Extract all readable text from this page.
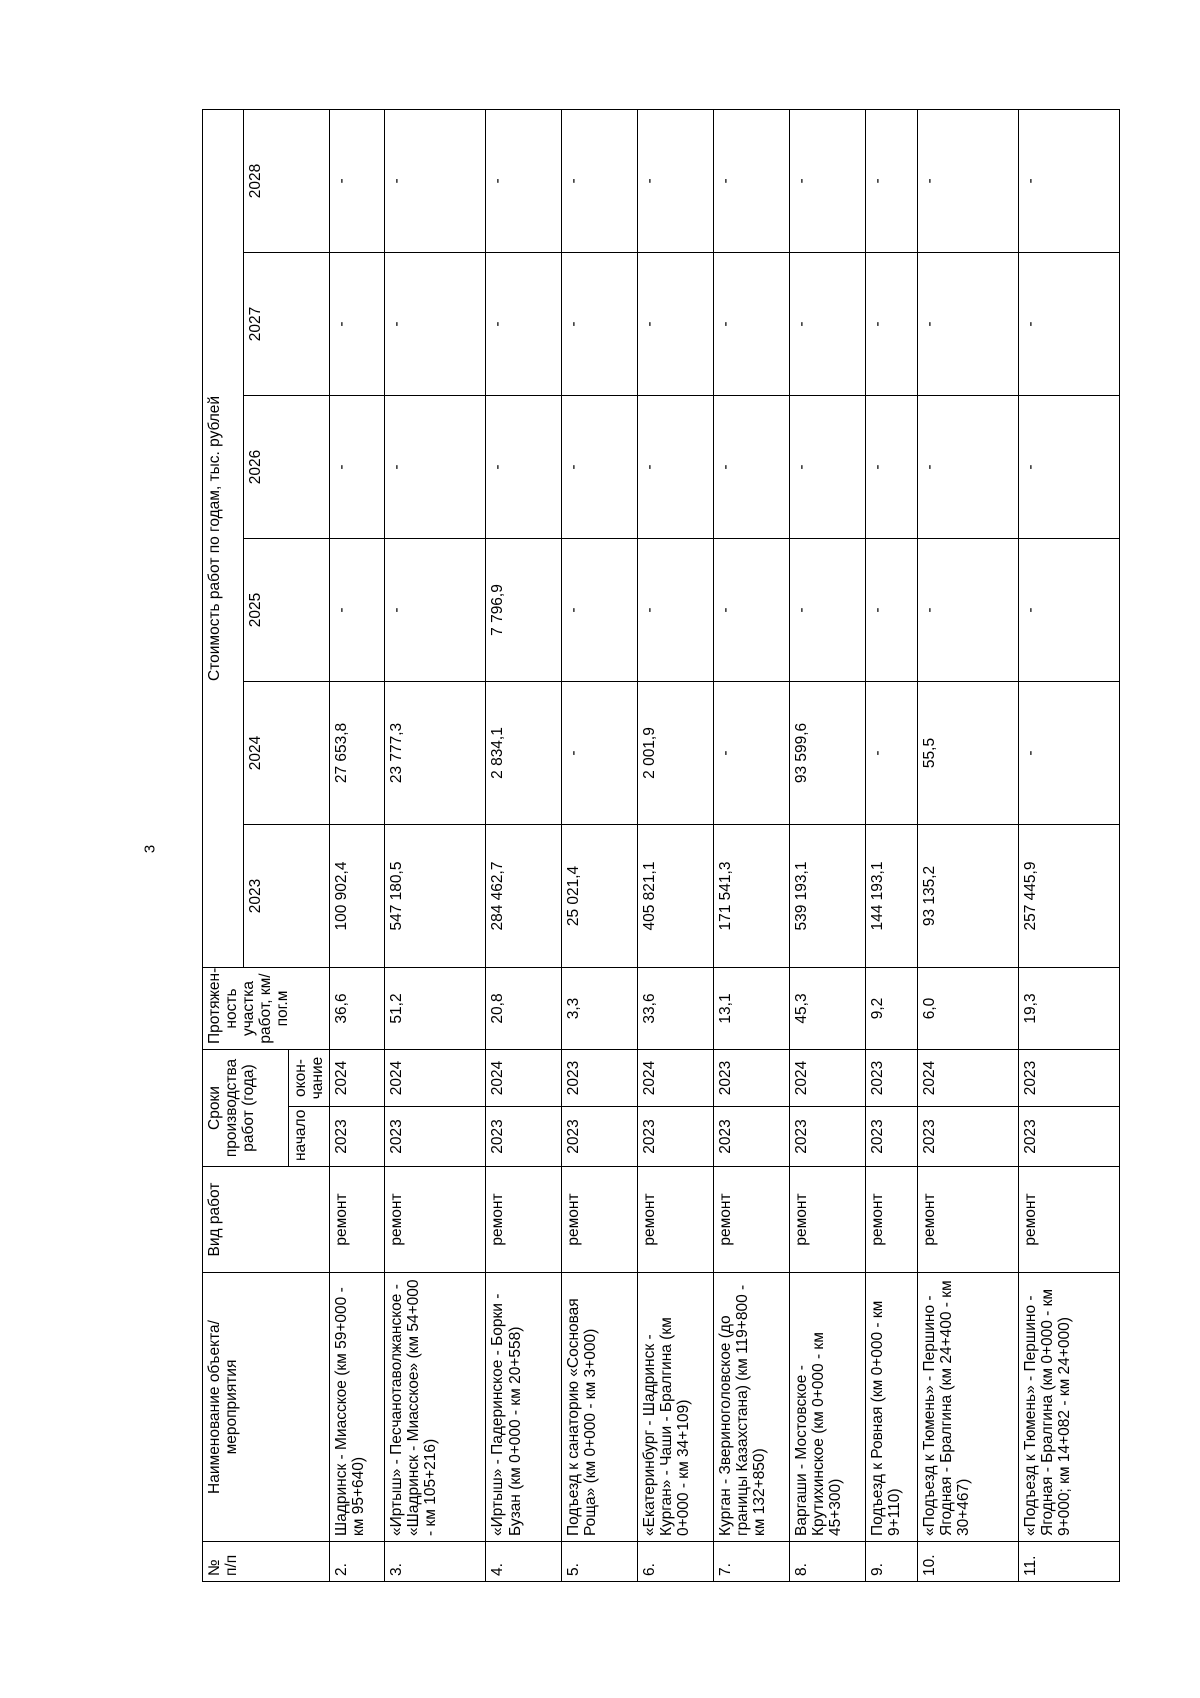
3
№ п/п	Наименование объекта/ мероприятия	Вид работ	Сроки производства работ (года)		Протяжен-ность участка работ, км/пог.м	Стоимость работ по годам, тыс. рублей					
						2023	2024	2025	2026	2027	2028
			начало	окон-чание							
2.	Шадринск - Миасское (км 59+000 - км 95+640)	ремонт	2023	2024	36,6	100 902,4	27 653,8	-	-	-	-
3.	«Иртыш» - Песчанотаволжанское - «Шадринск - Миасское» (км 54+000 - км 105+216)	ремонт	2023	2024	51,2	547 180,5	23 777,3	-	-	-	-
4.	«Иртыш» - Падеринское - Борки - Бузан (км 0+000 - км 20+558)	ремонт	2023	2024	20,8	284 462,7	2 834,1	7 796,9	-	-	-
5.	Подъезд к санаторию «Сосновая Роща» (км 0+000 - км 3+000)	ремонт	2023	2023	3,3	25 021,4	-	-	-	-	-
6.	«Екатеринбург - Шадринск - Курган» - Чаши - Бралгина (км 0+000 - км 34+109)	ремонт	2023	2024	33,6	405 821,1	2 001,9	-	-	-	-
7.	Курган - Звериноголовское (до границы Казахстана) (км 119+800 - км 132+850)	ремонт	2023	2023	13,1	171 541,3	-	-	-	-	-
8.	Варгаши - Мостовское - Крутихинское (км 0+000 - км 45+300)	ремонт	2023	2024	45,3	539 193,1	93 599,6	-	-	-	-
9.	Подъезд к Ровная (км 0+000 - км 9+110)	ремонт	2023	2023	9,2	144 193,1	-	-	-	-	-
10.	«Подъезд к Тюмень» - Першино - Ягодная - Бралгина (км 24+400 - км 30+467)	ремонт	2023	2024	6,0	93 135,2	55,5	-	-	-	-
11.	«Подъезд к Тюмень» - Першино - Ягодная - Бралгина (км 0+000 - км 9+000; км 14+082 - км 24+000)	ремонт	2023	2023	19,3	257 445,9	-	-	-	-	-
